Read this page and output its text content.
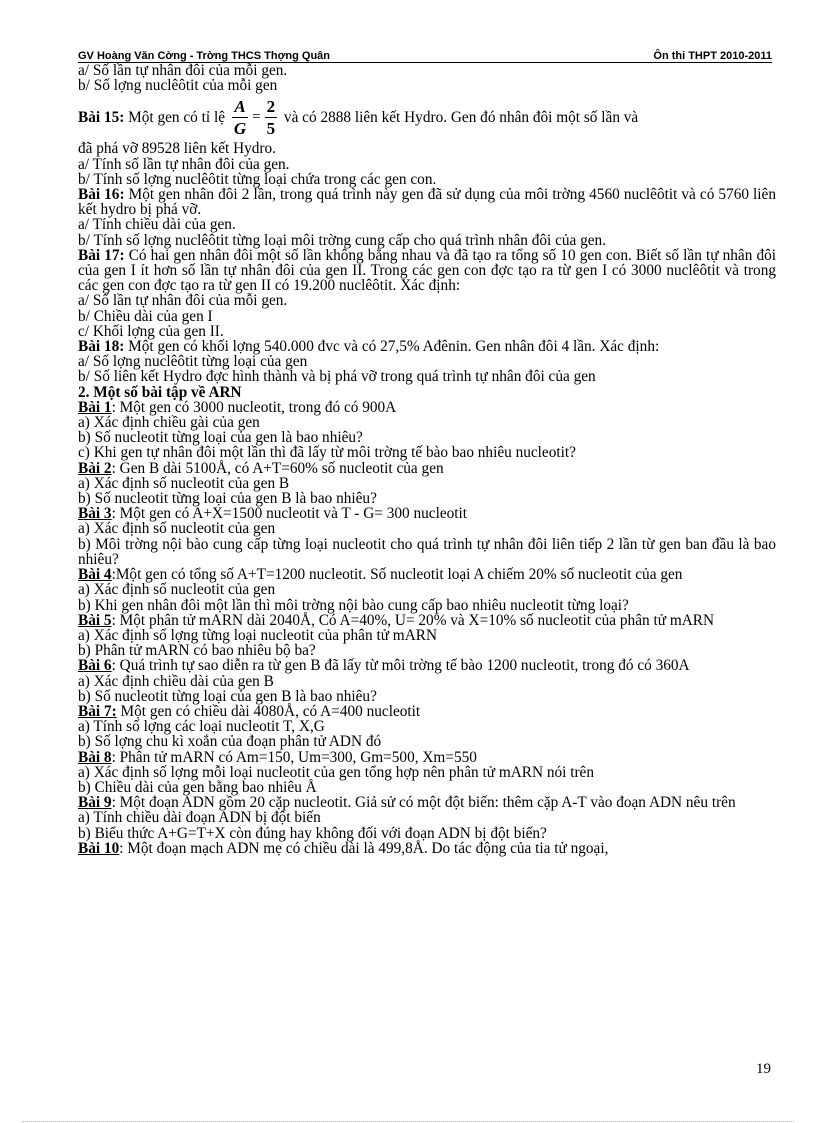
GV Hoàng Văn Cờng - Trờng THCS Thợng Quân	Ôn thi THPT 2010-2011

a/ Số lần tự nhân đôi của mỗi gen.

b/ Số lợng nuclêôtit của mỗi gen

Bài 15: Một gen có tỉ lệ $\frac{A}{G} = \frac{2}{5}$ và có 2888 liên kết Hydro. Gen đó nhân đôi một số lần và

đã phá vỡ 89528 liên kết Hydro.

a/ Tính số lần tự nhân đôi của gen.

b/ Tính số lợng nuclêôtit từng loại chứa trong các gen con.

Bài 16: Một gen nhân đôi 2 lần, trong quá trình này gen đã sử dụng của môi trờng 4560 nuclêôtit và có 5760 liên kết hydro bị phá vỡ.

a/ Tính chiều dài của gen.

b/ Tính số lợng nuclêôtit từng loại môi trờng cung cấp cho quá trình nhân đôi của gen.

Bài 17: Có hai gen nhân đôi một số lần không bằng nhau và đã tạo ra tổng số 10 gen con. Biết số lần tự nhân đôi của gen I ít hơn số lần tự nhân đôi của gen II. Trong các gen con đợc tạo ra từ gen I có 3000 nuclêôtit và trong các gen con đợc tạo ra từ gen II có 19.200 nuclêôtit. Xác định:

a/ Số lần tự nhân đôi của mỗi gen.

b/ Chiều dài của gen I

c/ Khối lợng của gen II.

Bài 18: Một gen có khối lợng 540.000 đvc và có 27,5% Ađênin. Gen nhân đôi 4 lần. Xác định:

a/ Số lợng nuclêôtit từng loại của gen

b/ Số liên kết Hydro đợc hình thành và bị phá vỡ trong quá trình tự nhân đôi của gen

2. Một số bài tập về ARN

Bài 1: Một gen có 3000 nucleotit, trong đó có 900A

a) Xác định chiều gài của gen

b) Số nucleotit từng loại của gen là bao nhiêu?

c) Khi gen tự nhân đôi một lần thì đã lấy từ môi trờng tế bào bao nhiêu nucleotit?

Bài 2: Gen B dài 5100Å, có A+T=60% số nucleotit của gen

a) Xác định số nucleotit của gen B

b) Số nucleotit từng loại của gen B là bao nhiêu?

Bài 3: Một gen có A+X=1500 nucleotit và T - G= 300 nucleotit

a) Xác định số nucleotit của gen

b) Môi trờng nội bào cung cấp từng loại nucleotit cho quá trình tự nhân đôi liên tiếp 2 lần từ gen ban đầu là bao nhiêu?

Bài 4:Một gen có tổng số A+T=1200 nucleotit. Số nucleotit loại A chiếm 20% số nucleotit của gen

a) Xác định số nucleotit của gen

b) Khi gen nhân đôi một lần thì môi trờng nội bào cung cấp bao nhiêu nucleotit từng loại?

Bài 5: Một phân tử mARN dài 2040Å, Có A=40%, U= 20% và X=10% số nucleotit của phân tử mARN

a) Xác định số lợng từng loại nucleotit của phân tử mARN

b) Phân tử mARN có bao nhiêu bộ ba?

Bài 6: Quá trình tự sao diễn ra từ gen B đã lấy từ môi trờng tế bào 1200 nucleotit, trong đó có 360A

a) Xác định chiều dài của gen B

b) Số nucleotit từng loại của gen B là bao nhiêu?

Bài 7: Một gen có chiều dài 4080Å, có A=400 nucleotit

a) Tính số lợng các loại nucleotit T, X,G

b) Số lợng chu kì xoắn của đoạn phân tử ADN đó

Bài 8: Phân tử mARN có Am=150, Um=300, Gm=500, Xm=550

a) Xác định số lợng mỗi loại nucleotit của gen tổng hợp nên phân tử mARN nói trên

b) Chiều dài của gen bằng bao nhiêu Å

Bài 9: Một đoạn ADN gồm 20 cặp nucleotit. Giả sử có một đột biến: thêm cặp A-T vào đoạn ADN nêu trên

a) Tính chiều dài đoạn ADN bị đột biến

b) Biểu thức A+G=T+X còn đúng hay không đối với đoạn ADN bị đột biến?

Bài 10: Một đoạn mạch ADN mẹ có chiều dài là 499,8Å. Do tác động của tia tử ngoại,

19
